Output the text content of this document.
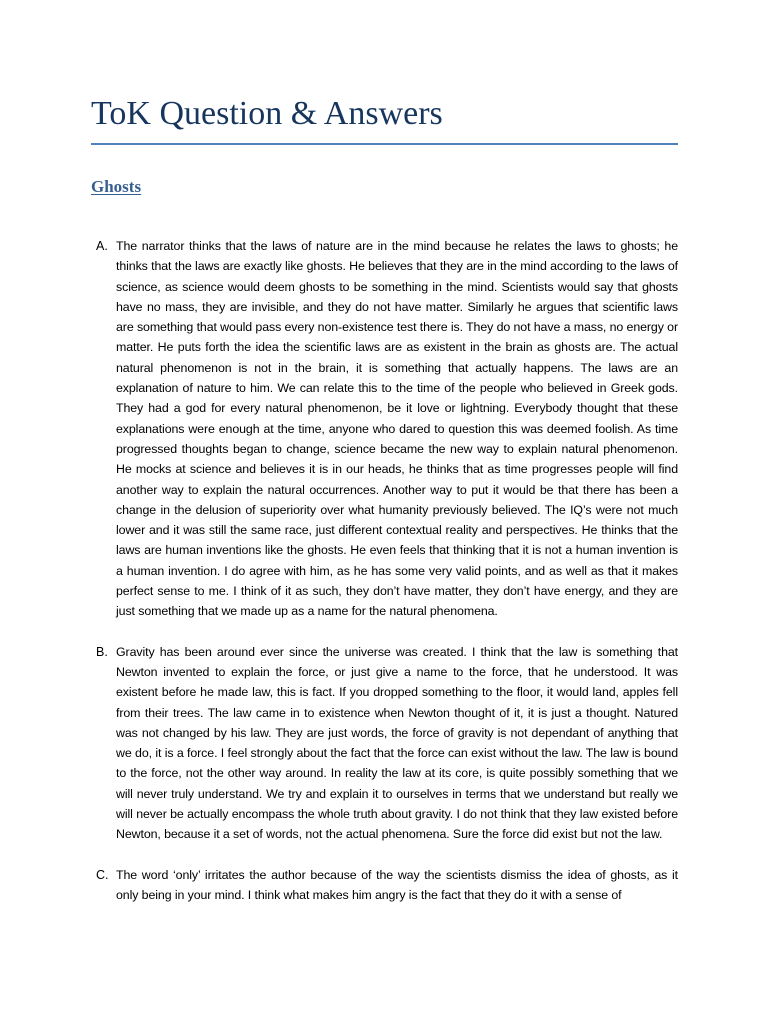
ToK Question & Answers
Ghosts
A. The narrator thinks that the laws of nature are in the mind because he relates the laws to ghosts; he thinks that the laws are exactly like ghosts. He believes that they are in the mind according to the laws of science, as science would deem ghosts to be something in the mind. Scientists would say that ghosts have no mass, they are invisible, and they do not have matter. Similarly he argues that scientific laws are something that would pass every non-existence test there is. They do not have a mass, no energy or matter. He puts forth the idea the scientific laws are as existent in the brain as ghosts are. The actual natural phenomenon is not in the brain, it is something that actually happens. The laws are an explanation of nature to him. We can relate this to the time of the people who believed in Greek gods. They had a god for every natural phenomenon, be it love or lightning. Everybody thought that these explanations were enough at the time, anyone who dared to question this was deemed foolish. As time progressed thoughts began to change, science became the new way to explain natural phenomenon. He mocks at science and believes it is in our heads, he thinks that as time progresses people will find another way to explain the natural occurrences. Another way to put it would be that there has been a change in the delusion of superiority over what humanity previously believed. The IQ’s were not much lower and it was still the same race, just different contextual reality and perspectives. He thinks that the laws are human inventions like the ghosts. He even feels that thinking that it is not a human invention is a human invention. I do agree with him, as he has some very valid points, and as well as that it makes perfect sense to me. I think of it as such, they don’t have matter, they don’t have energy, and they are just something that we made up as a name for the natural phenomena.
B. Gravity has been around ever since the universe was created. I think that the law is something that Newton invented to explain the force, or just give a name to the force, that he understood. It was existent before he made law, this is fact. If you dropped something to the floor, it would land, apples fell from their trees. The law came in to existence when Newton thought of it, it is just a thought. Natured was not changed by his law. They are just words, the force of gravity is not dependant of anything that we do, it is a force. I feel strongly about the fact that the force can exist without the law. The law is bound to the force, not the other way around. In reality the law at its core, is quite possibly something that we will never truly understand. We try and explain it to ourselves in terms that we understand but really we will never be actually encompass the whole truth about gravity. I do not think that they law existed before Newton, because it a set of words, not the actual phenomena. Sure the force did exist but not the law.
C. The word ‘only’ irritates the author because of the way the scientists dismiss the idea of ghosts, as it only being in your mind. I think what makes him angry is the fact that they do it with a sense of
